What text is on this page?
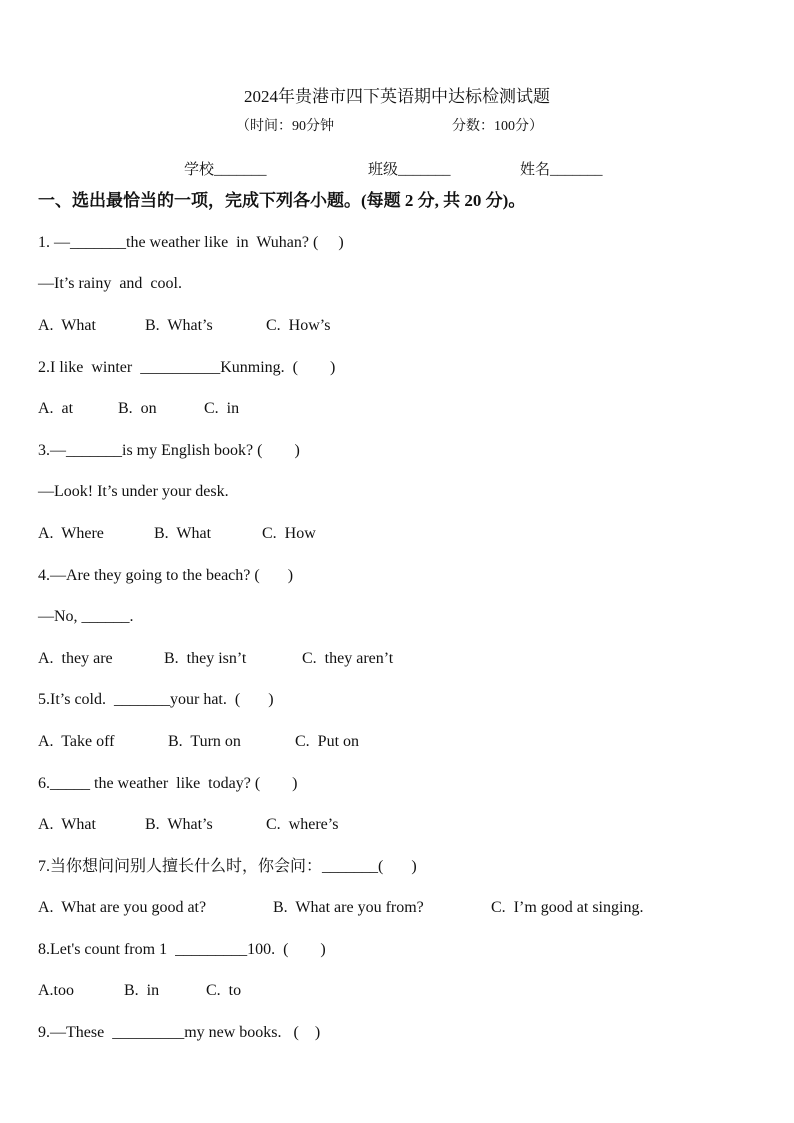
2024年贵港市四下英语期中达标检测试题
（时间：90分钟	分数：100分）
学校_______	班级_______	姓名_______
一、选出最恰当的一项，完成下列各小题。(每题 2 分, 共 20 分)。
1. —_______the weather like  in  Wuhan? (     )
—It’s rainy  and  cool.
A.  What	B.  What’s	C.  How’s
2.I like  winter  __________Kunming.  (        )
A.  at	B.  on	C.  in
3.—_______is my English book? (        )
—Look! It’s under your desk.
A.  Where	B.  What	C.  How
4.—Are they going to the beach? (       )
—No, ______.
A.  they are	B.  they isn’t	C.  they aren’t
5.It’s cold.  _______your hat.  (       )
A.  Take off	B.  Turn on	C.  Put on
6._____ the weather  like  today? (        )
A.  What	B.  What’s	C.  where’s
7.当你想问问别人擅长什么时，你会问：_______(       )
A.  What are you good at?	B.  What are you from?	C.  I’m good at singing.
8.Let's count from 1  _________100.  (        )
A.too	B.  in	C.  to
9.—These  _________my new books.   (    )
